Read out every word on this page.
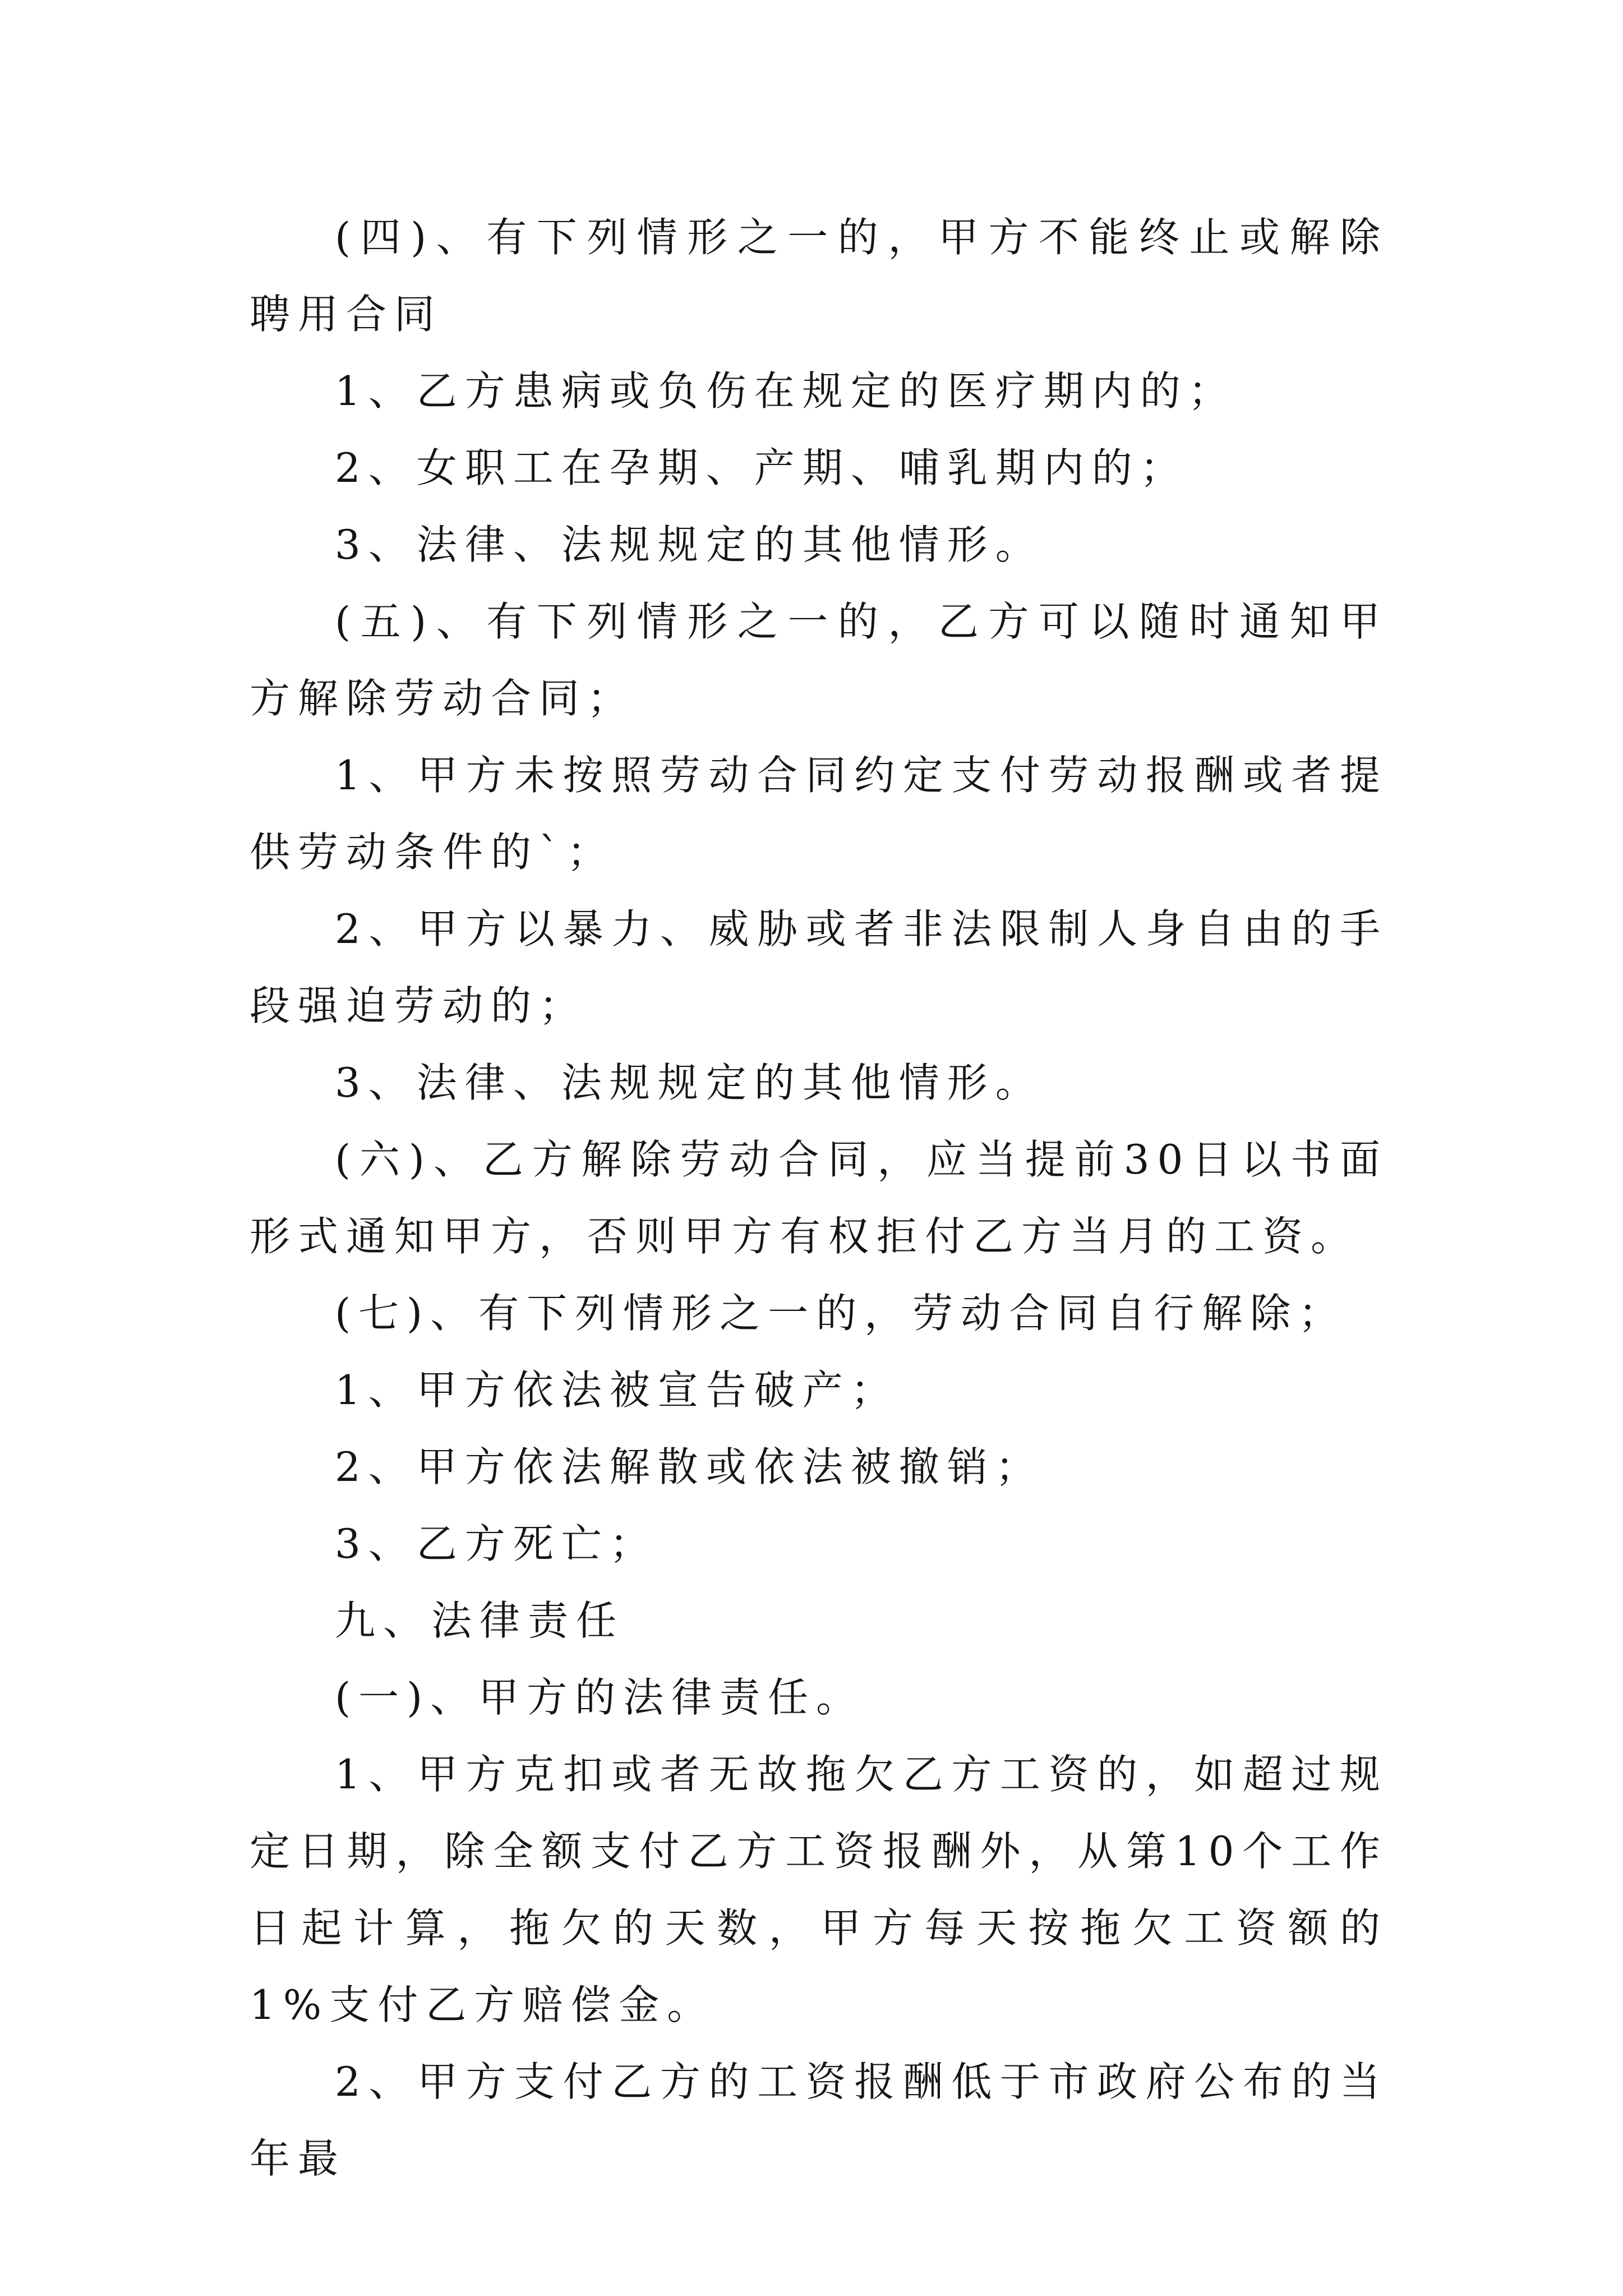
(四)、有下列情形之一的，甲方不能终止或解除聘用合同

1、乙方患病或负伤在规定的医疗期内的；

2、女职工在孕期、产期、哺乳期内的；

3、法律、法规规定的其他情形。

(五)、有下列情形之一的，乙方可以随时通知甲方解除劳动合同；

1、甲方未按照劳动合同约定支付劳动报酬或者提供劳动条件的`；

2、甲方以暴力、威胁或者非法限制人身自由的手段强迫劳动的；

3、法律、法规规定的其他情形。

(六)、乙方解除劳动合同，应当提前30日以书面形式通知甲方，否则甲方有权拒付乙方当月的工资。

(七)、有下列情形之一的，劳动合同自行解除；

1、甲方依法被宣告破产；

2、甲方依法解散或依法被撤销；

3、乙方死亡；

九、法律责任

(一)、甲方的法律责任。

1、甲方克扣或者无故拖欠乙方工资的，如超过规定日期，除全额支付乙方工资报酬外，从第10个工作日起计算，拖欠的天数，甲方每天按拖欠工资额的1%支付乙方赔偿金。

2、甲方支付乙方的工资报酬低于市政府公布的当年最
